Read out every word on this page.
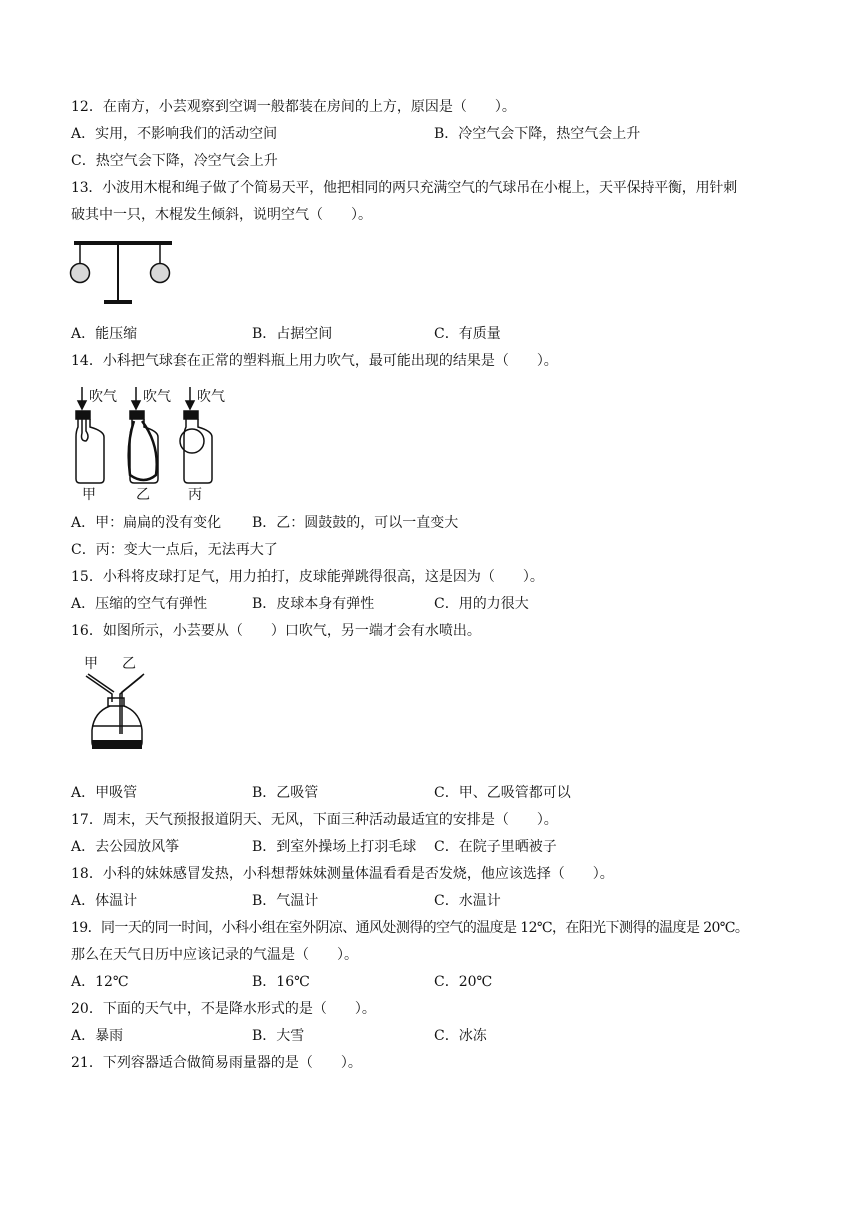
12．在南方，小芸观察到空调一般都装在房间的上方，原因是（　　）。
A．实用，不影响我们的活动空间	B．冷空气会下降，热空气会上升
C．热空气会下降，冷空气会上升
13．小波用木棍和绳子做了个简易天平，他把相同的两只充满空气的气球吊在小棍上，天平保持平衡，用针刺
破其中一只，木棍发生倾斜，说明空气（　　）。
A．能压缩	B．占据空间	C．有质量
14．小科把气球套在正常的塑料瓶上用力吹气，最可能出现的结果是（　　）。
吹气 吹气 吹气
甲	乙	丙
A．甲：扁扁的没有变化 B．乙：圆鼓鼓的，可以一直变大
C．丙：变大一点后，无法再大了
15．小科将皮球打足气，用力拍打，皮球能弹跳得很高，这是因为（　　）。
A．压缩的空气有弹性	B．皮球本身有弹性	C．用的力很大
16．如图所示，小芸要从（　　）口吹气，另一端才会有水喷出。
甲 乙
A．甲吸管	B．乙吸管	C．甲、乙吸管都可以
17．周末，天气预报报道阴天、无风，下面三种活动最适宜的安排是（　　）。
A．去公园放风筝	B．到室外操场上打羽毛球 C．在院子里晒被子
18．小科的妹妹感冒发热，小科想帮妹妹测量体温看看是否发烧，他应该选择（　　）。
A．体温计	B．气温计	C．水温计
19．同一天的同一时间，小科小组在室外阴凉、通风处测得的空气的温度是 12℃，在阳光下测得的温度是 20℃。
那么在天气日历中应该记录的气温是（　　）。
A．12℃	B．16℃	C．20℃
20．下面的天气中，不是降水形式的是（　　）。
A．暴雨	B．大雪	C．冰冻
21．下列容器适合做简易雨量器的是（　　）。
